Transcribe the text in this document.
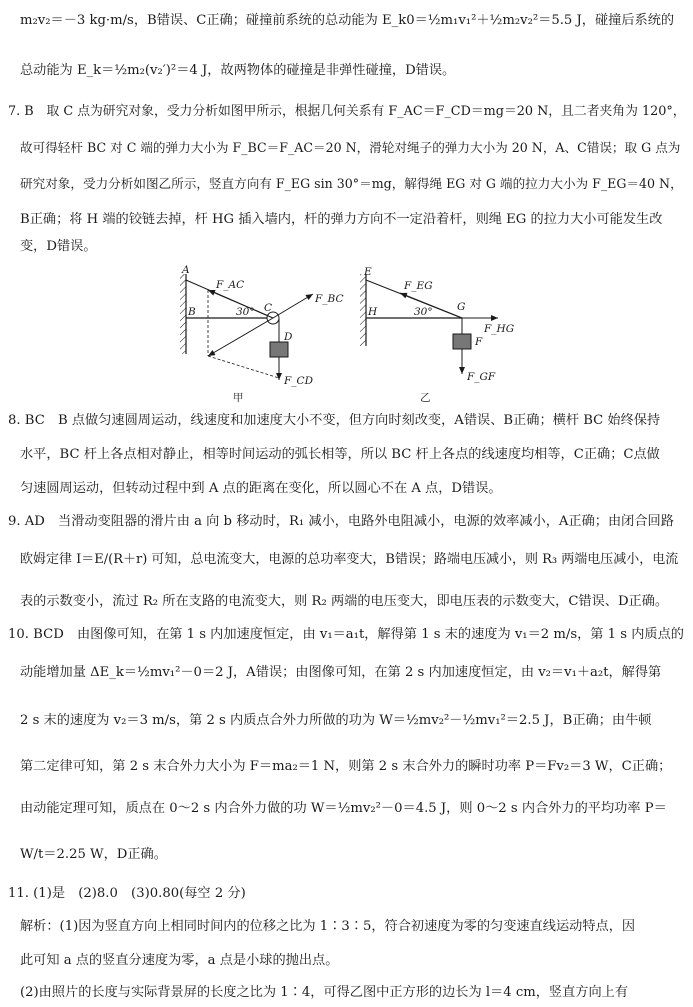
m₂v₂＝－3 kg·m/s，B错误、C正确；碰撞前系统的总动能为 E_k0＝½m₁v₁²＋½m₂v₂²＝5.5 J，碰撞后系统的
总动能为 E_k＝½m₂(v₂′)²＝4 J，故两物体的碰撞是非弹性碰撞，D错误。
7. B　取 C 点为研究对象，受力分析如图甲所示，根据几何关系有 F_AC＝F_CD＝mg＝20 N，且二者夹角为 120°，
故可得轻杆 BC 对 C 端的弹力大小为 F_BC＝F_AC＝20 N，滑轮对绳子的弹力大小为 20 N，A、C错误；取 G 点为
研究对象，受力分析如图乙所示，竖直方向有 F_EG sin 30°＝mg，解得绳 EG 对 G 端的拉力大小为 F_EG＝40 N，
B正确；将 H 端的铰链去掉，杆 HG 插入墙内，杆的弹力方向不一定沿着杆，则绳 EG 的拉力大小可能发生改
变，D错误。
8. BC　B 点做匀速圆周运动，线速度和加速度大小不变，但方向时刻改变，A错误、B正确；横杆 BC 始终保持
水平，BC 杆上各点相对静止，相等时间运动的弧长相等，所以 BC 杆上各点的线速度均相等，C正确；C点做
匀速圆周运动，但转动过程中到 A 点的距离在变化，所以圆心不在 A 点，D错误。
9. AD　当滑动变阻器的滑片由 a 向 b 移动时，R₁ 减小，电路外电阻减小，电源的效率减小，A正确；由闭合回路
欧姆定律 I＝E/(R＋r) 可知，总电流变大，电源的总功率变大，B错误；路端电压减小，则 R₃ 两端电压减小，电流
表的示数变小，流过 R₂ 所在支路的电流变大，则 R₂ 两端的电压变大，即电压表的示数变大，C错误、D正确。
10. BCD　由图像可知，在第 1 s 内加速度恒定，由 v₁＝a₁t，解得第 1 s 末的速度为 v₁＝2 m/s，第 1 s 内质点的
动能增加量 ΔE_k＝½mv₁²－0＝2 J，A错误；由图像可知，在第 2 s 内加速度恒定，由 v₂＝v₁＋a₂t，解得第
2 s 末的速度为 v₂＝3 m/s，第 2 s 内质点合外力所做的功为 W＝½mv₂²－½mv₁²＝2.5 J，B正确；由牛顿
第二定律可知，第 2 s 末合外力大小为 F＝ma₂＝1 N，则第 2 s 末合外力的瞬时功率 P＝Fv₂＝3 W，C正确；
由动能定理可知，质点在 0～2 s 内合外力做的功 W＝½mv₂²－0＝4.5 J，则 0～2 s 内合外力的平均功率 P＝
W/t＝2.25 W，D正确。
11. (1)是　(2)8.0　(3)0.80(每空 2 分)
解析：(1)因为竖直方向上相同时间内的位移之比为 1∶3∶5，符合初速度为零的匀变速直线运动特点，因
此可知 a 点的竖直分速度为零，a 点是小球的抛出点。
(2)由照片的长度与实际背景屏的长度之比为 1∶4，可得乙图中正方形的边长为 l＝4 cm，竖直方向上有
A
B	C
D
F_AC
F_BC
F_CD
30°
甲
E
H	G
F
F_EG
F_HG
F_GF
30°
乙
